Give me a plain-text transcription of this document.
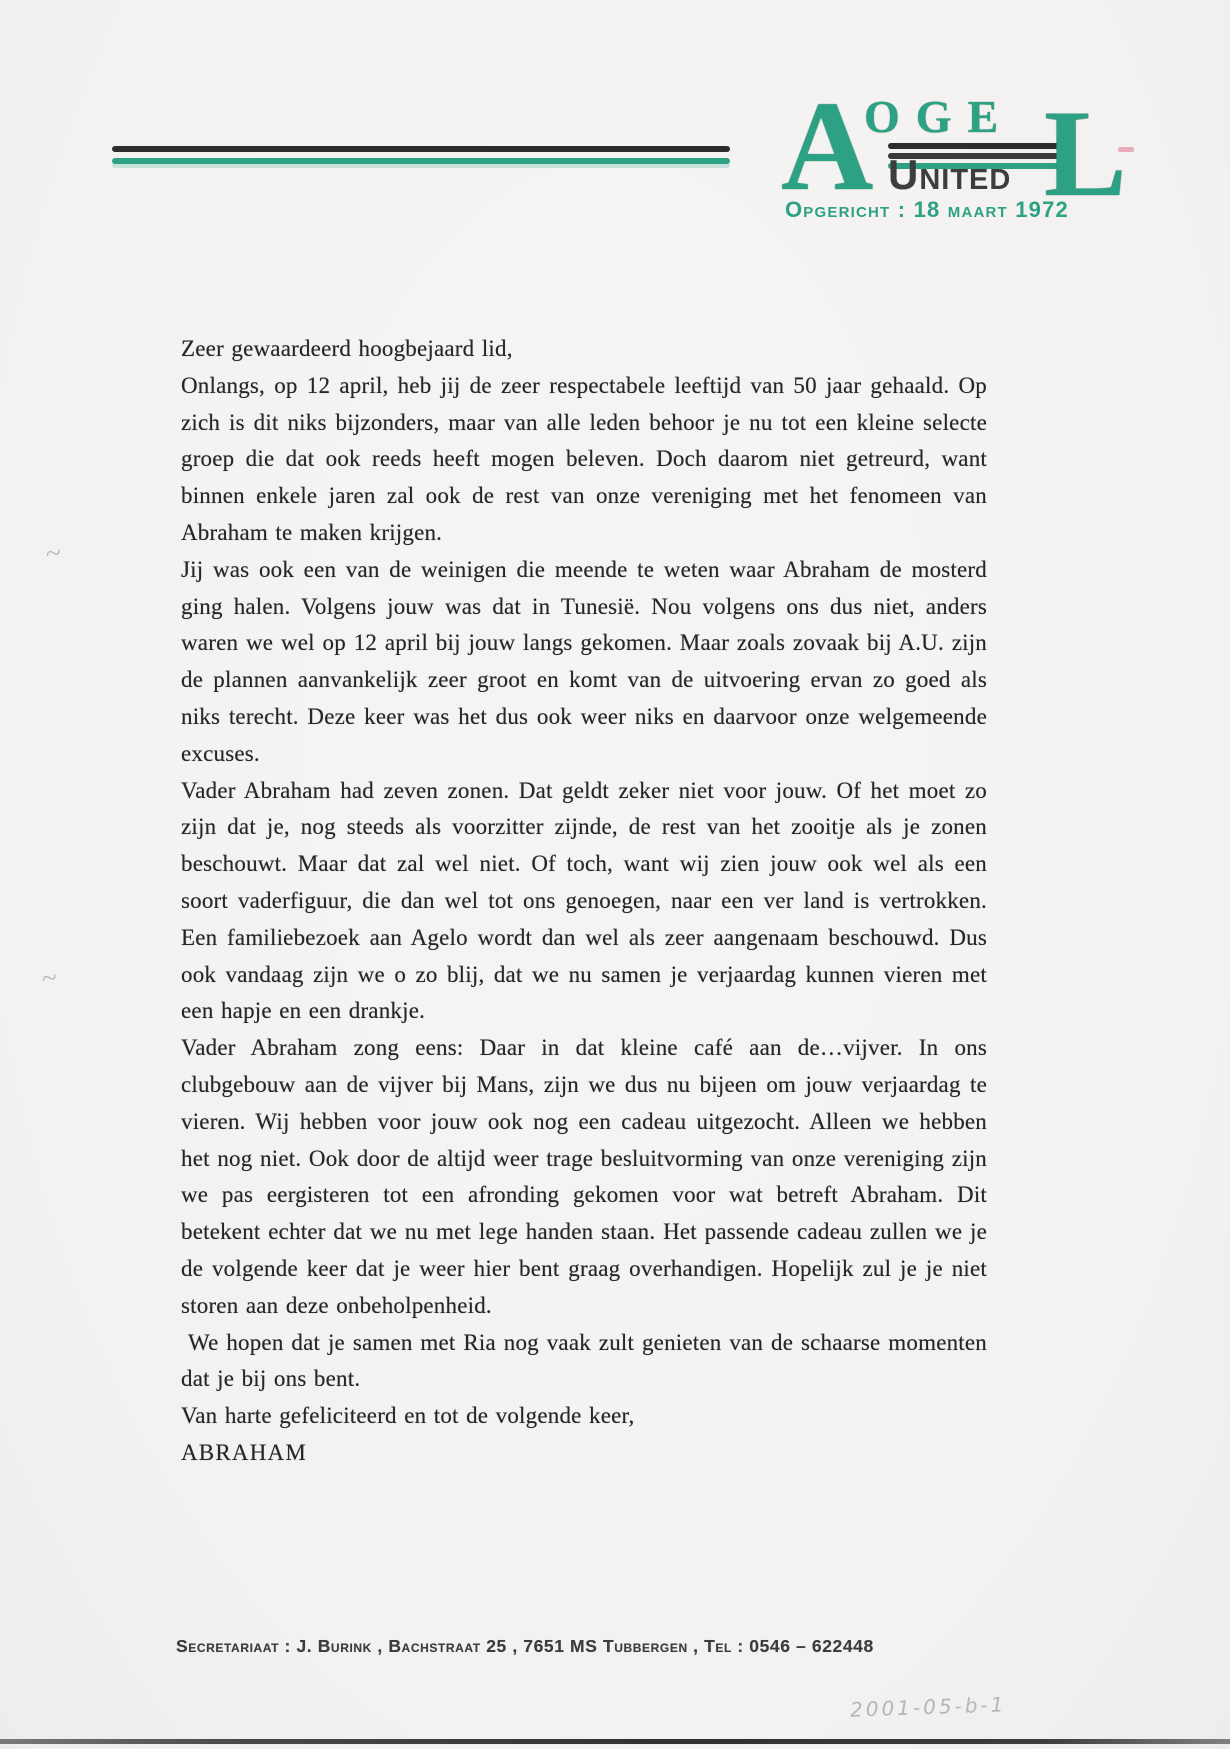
A
OGE
United L
Opgericht : 18 maart 1972

Zeer gewaardeerd hoogbejaard lid,

Onlangs, op 12 april, heb jij de zeer respectabele leeftijd van 50 jaar gehaald. Op zich is dit niks bijzonders, maar van alle leden behoor je nu tot een kleine selecte groep die dat ook reeds heeft mogen beleven. Doch daarom niet getreurd, want binnen enkele jaren zal ook de rest van onze vereniging met het fenomeen van Abraham te maken krijgen.

Jij was ook een van de weinigen die meende te weten waar Abraham de mosterd ging halen. Volgens jouw was dat in Tunesië. Nou volgens ons dus niet, anders waren we wel op 12 april bij jouw langs gekomen. Maar zoals zovaak bij A.U. zijn de plannen aanvankelijk zeer groot en komt van de uitvoering ervan zo goed als niks terecht. Deze keer was het dus ook weer niks en daarvoor onze welgemeende excuses.

Vader Abraham had zeven zonen. Dat geldt zeker niet voor jouw. Of het moet zo zijn dat je, nog steeds als voorzitter zijnde, de rest van het zooitje als je zonen beschouwt. Maar dat zal wel niet. Of toch, want wij zien jouw ook wel als een soort vaderfiguur, die dan wel tot ons genoegen, naar een ver land is vertrokken. Een familiebezoek aan Agelo wordt dan wel als zeer aangenaam beschouwd. Dus ook vandaag zijn we o zo blij, dat we nu samen je verjaardag kunnen vieren met een hapje en een drankje.

Vader Abraham zong eens: Daar in dat kleine café aan de…vijver. In ons clubgebouw aan de vijver bij Mans, zijn we dus nu bijeen om jouw verjaardag te vieren. Wij hebben voor jouw ook nog een cadeau uitgezocht. Alleen we hebben het nog niet. Ook door de altijd weer trage besluitvorming van onze vereniging zijn we pas eergisteren tot een afronding gekomen voor wat betreft Abraham. Dit betekent echter dat we nu met lege handen staan. Het passende cadeau zullen we je de volgende keer dat je weer hier bent graag overhandigen. Hopelijk zul je je niet storen aan deze onbeholpenheid.

We hopen dat je samen met Ria nog vaak zult genieten van de schaarse momenten dat je bij ons bent.

Van harte gefeliciteerd en tot de volgende keer,

ABRAHAM

Secretariaat : J. Burink , Bachstraat 25 , 7651 MS Tubbergen , Tel : 0546 – 622448
2001-05-b-1
~
~
